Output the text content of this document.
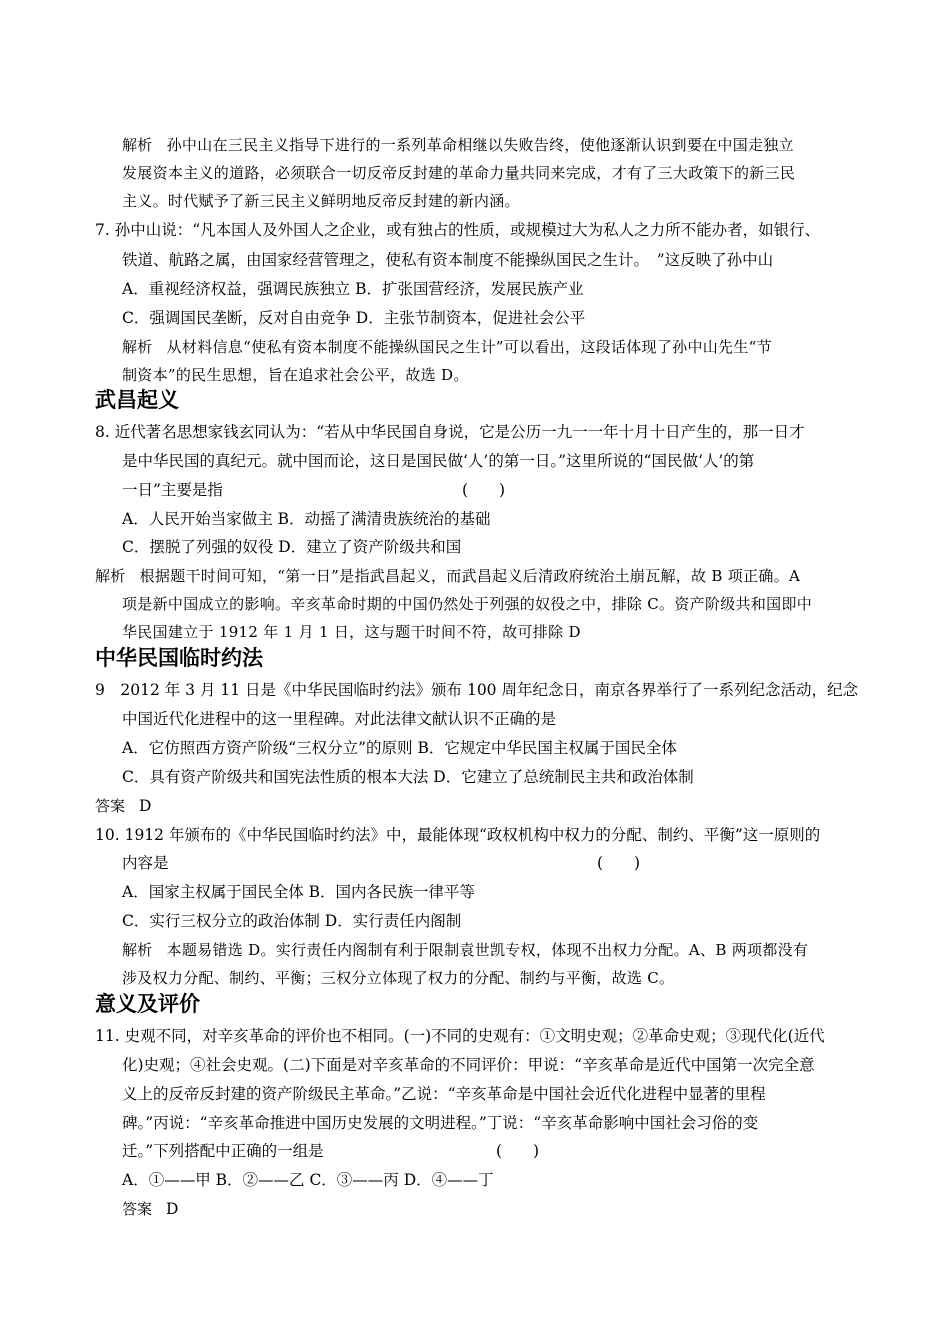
解析 孙中山在三民主义指导下进行的一系列革命相继以失败告终，使他逐渐认识到要在中国走独立
发展资本主义的道路，必须联合一切反帝反封建的革命力量共同来完成，才有了三大政策下的新三民
主义。时代赋予了新三民主义鲜明地反帝反封建的新内涵。
7. 孙中山说：“凡本国人及外国人之企业，或有独占的性质，或规模过大为私人之力所不能办者，如银行、
铁道、航路之属，由国家经营管理之，使私有资本制度不能操纵国民之生计。　”这反映了孙中山
A．重视经济权益，强调民族独立 B．扩张国营经济，发展民族产业
C．强调国民垄断，反对自由竞争 D．主张节制资本，促进社会公平
解析 从材料信息“使私有资本制度不能操纵国民之生计”可以看出，这段话体现了孙中山先生“节
制资本”的民生思想，旨在追求社会公平，故选 D。
武昌起义
8. 近代著名思想家钱玄同认为：“若从中华民国自身说，它是公历一九一一年十月十日产生的，那一日才
是中华民国的真纪元。就中国而论，这日是国民做‘人’的第一日。”这里所说的“国民做‘人’的第
一日”主要是指	(　　)
A．人民开始当家做主 B．动摇了满清贵族统治的基础
C．摆脱了列强的奴役 D．建立了资产阶级共和国
解析 根据题干时间可知，“第一日”是指武昌起义，而武昌起义后清政府统治土崩瓦解，故 B 项正确。A
项是新中国成立的影响。辛亥革命时期的中国仍然处于列强的奴役之中，排除 C。资产阶级共和国即中
华民国建立于 1912 年 1 月 1 日，这与题干时间不符，故可排除 D
中华民国临时约法
9　2012 年 3 月 11 日是《中华民国临时约法》颁布 100 周年纪念日，南京各界举行了一系列纪念活动，纪念
中国近代化进程中的这一里程碑。对此法律文献认识不正确的是
A．它仿照西方资产阶级“三权分立”的原则 B．它规定中华民国主权属于国民全体
C．具有资产阶级共和国宪法性质的根本大法 D．它建立了总统制民主共和政治体制
答案 D
10. 1912 年颁布的《中华民国临时约法》中，最能体现“政权机构中权力的分配、制约、平衡”这一原则的
内容是	(　　)
A．国家主权属于国民全体 B．国内各民族一律平等
C．实行三权分立的政治体制 D．实行责任内阁制
解析 本题易错选 D。实行责任内阁制有利于限制袁世凯专权，体现不出权力分配。A、B 两项都没有
涉及权力分配、制约、平衡；三权分立体现了权力的分配、制约与平衡，故选 C。
意义及评价
11. 史观不同，对辛亥革命的评价也不相同。(一)不同的史观有：①文明史观；②革命史观；③现代化(近代
化)史观；④社会史观。(二)下面是对辛亥革命的不同评价：甲说：“辛亥革命是近代中国第一次完全意
义上的反帝反封建的资产阶级民主革命。”乙说：“辛亥革命是中国社会近代化进程中显著的里程
碑。”丙说：“辛亥革命推进中国历史发展的文明进程。”丁说：“辛亥革命影响中国社会习俗的变
迁。”下列搭配中正确的一组是	(　　)
A．①——甲 B．②——乙 C．③——丙 D．④——丁
答案 D
